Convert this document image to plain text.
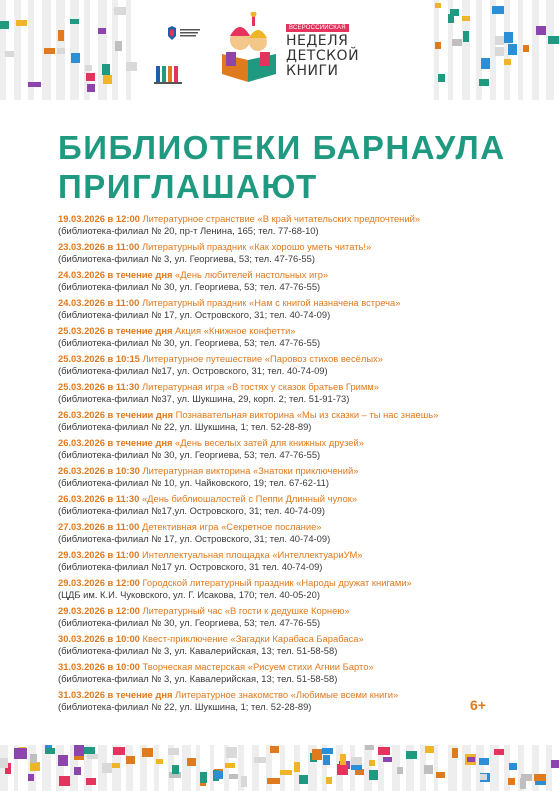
ВСЕРОССИЙСКАЯ
НЕДЕЛЯ
ДЕТСКОЙ
КНИГИ
БИБЛИОТЕКИ БАРНАУЛА
ПРИГЛАШАЮТ
19.03.2026 в 12:00 Литературное странствие «В край читательских предпочтений»
(библиотека-филиал № 20, пр-т Ленина, 165; тел. 77-68-10)
23.03.2026 в 11:00 Литературный праздник «Как хорошо уметь читать!»
(библиотека-филиал № 3, ул. Георгиева, 53; тел. 47-76-55)
24.03.2026 в течение дня «День любителей настольных игр»
(библиотека-филиал № 30, ул. Георгиева, 53; тел. 47-76-55)
24.03.2026 в 11:00 Литературный праздник «Нам с книгой назначена встреча»
(библиотека-филиал № 17, ул. Островского, 31; тел. 40-74-09)
25.03.2026 в течение дня Акция «Книжное конфетти»
(библиотека-филиал № 30, ул. Георгиева, 53; тел. 47-76-55)
25.03.2026 в 10:15 Литературное путешествие «Паровоз стихов весёлых»
(библиотека-филиал №17, ул. Островского, 31; тел. 40-74-09)
25.03.2026 в 11:30 Литературная игра «В гостях у сказок братьев Гримм»
(библиотека-филиал №37, ул. Шукшина, 29, корп. 2; тел. 51-91-73)
26.03.2026 в течении дня Познавательная викторина «Мы из сказки – ты нас знаешь»
(библиотека-филиал № 22, ул. Шукшина, 1; тел. 52-28-89)
26.03.2026 в течение дня «День веселых затей для книжных друзей»
(библиотека-филиал № 30, ул. Георгиева, 53; тел. 47-76-55)
26.03.2026 в 10:30 Литературная викторина «Знатоки приключений»
(библиотека-филиал № 10, ул. Чайковского, 19; тел. 67-62-11)
26.03.2026 в 11:30 «День библиошалостей с Пеппи Длинный чулок»
(библиотека-филиал №17,ул. Островского, 31; тел. 40-74-09)
27.03.2026 в 11:00 Детективная игра «Секретное послание»
(библиотека-филиал № 17, ул. Островского, 31; тел. 40-74-09)
29.03.2026 в 11:00 Интеллектуальная площадка «ИнтеллектуариУМ»
(библиотека-филиал №17 ул. Островского, 31 тел. 40-74-09)
29.03.2026 в 12:00 Городской литературный праздник «Народы дружат книгами»
(ЦДБ им. К.И. Чуковского, ул. Г. Исакова, 170; тел. 40-05-20)
29.03.2026 в 12:00 Литературный час «В гости к дедушке Корнею»
(библиотека-филиал № 30, ул. Георгиева, 53; тел. 47-76-55)
30.03.2026 в 10:00 Квест-приключение «Загадки Карабаса Барабаса»
(библиотека-филиал № 3, ул. Кавалерийская, 13; тел. 51-58-58)
31.03.2026 в 10:00 Творческая мастерская «Рисуем стихи Агнии Барто»
(библиотека-филиал № 3, ул. Кавалерийская, 13; тел. 51-58-58)
31.03.2026 в течение дня Литературное знакомство «Любимые всеми книги»
(библиотека-филиал № 22, ул. Шукшина, 1; тел. 52-28-89)	6+
